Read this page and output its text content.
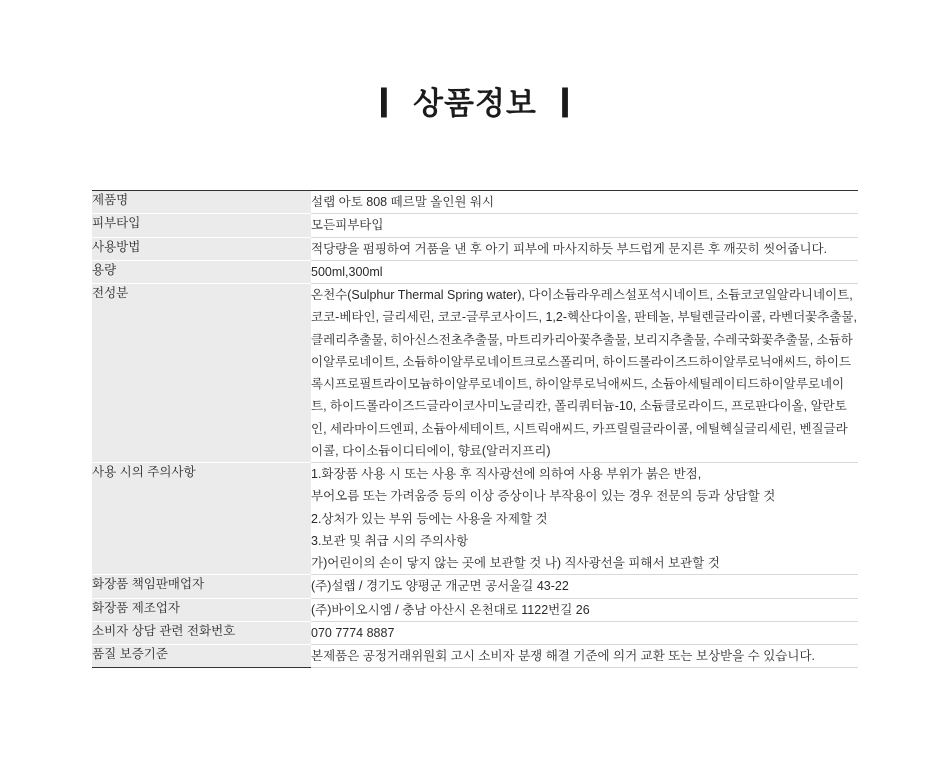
❙ 상품정보 ❙
제품명	설랩 아토 808 떼르말 올인원 워시

피부타입	모든피부타입

사용방법	적당량을 펌핑하여 거품을 낸 후 아기 피부에 마사지하듯 부드럽게 문지른 후 깨끗히 씻어줍니다.

용량	500ml,300ml

전성분	온천수(Sulphur Thermal Spring water), 다이소듐라우레스설포석시네이트, 소듐코코일알라니네이트, 코코-베타인, 글리세린, 코코-글루코사이드, 1,2-헥산다이올, 판테놀, 부틸렌글라이콜, 라벤더꽃추출물, 클레리추출물, 히아신스전초추출물, 마트리카리아꽃추출물, 보리지추출물, 수레국화꽃추출물, 소듐하이알루로네이트, 소듐하이알루로네이트크로스폴리머, 하이드롤라이즈드하이알루로닉애씨드, 하이드록시프로필트라이모늄하이알루로네이트, 하이알루로닉애씨드, 소듐아세틸레이티드하이알루로네이트, 하이드롤라이즈드글라이코사미노글리칸, 폴리쿼터늄-10, 소듐클로라이드, 프로판다이올, 알란토인, 세라마이드엔피, 소듐아세테이트, 시트릭애씨드, 카프릴릴글라이콜, 에틸헥실글리세린, 벤질글라이콜, 다이소듐이디티에이, 향료(알러지프리)

사용 시의 주의사항	1.화장품 사용 시 또는 사용 후 직사광선에 의하여 사용 부위가 붉은 반점,
부어오름 또는 가려움증 등의 이상 증상이나 부작용이 있는 경우 전문의 등과 상담할 것
2.상처가 있는 부위 등에는 사용을 자제할 것
3.보관 및 취급 시의 주의사항
가)어린이의 손이 닿지 않는 곳에 보관할 것 나) 직사광선을 피해서 보관할 것

화장품 책임판매업자	(주)설랩 / 경기도 양평군 개군면 공서울길 43-22

화장품 제조업자	(주)바이오시엠 / 충남 아산시 온천대로 1122번길 26

소비자 상담 관련 전화번호	070 7774 8887

품질 보증기준	본제품은 공정거래위원회 고시 소비자 분쟁 해결 기준에 의거 교환 또는 보상받을 수 있습니다.
